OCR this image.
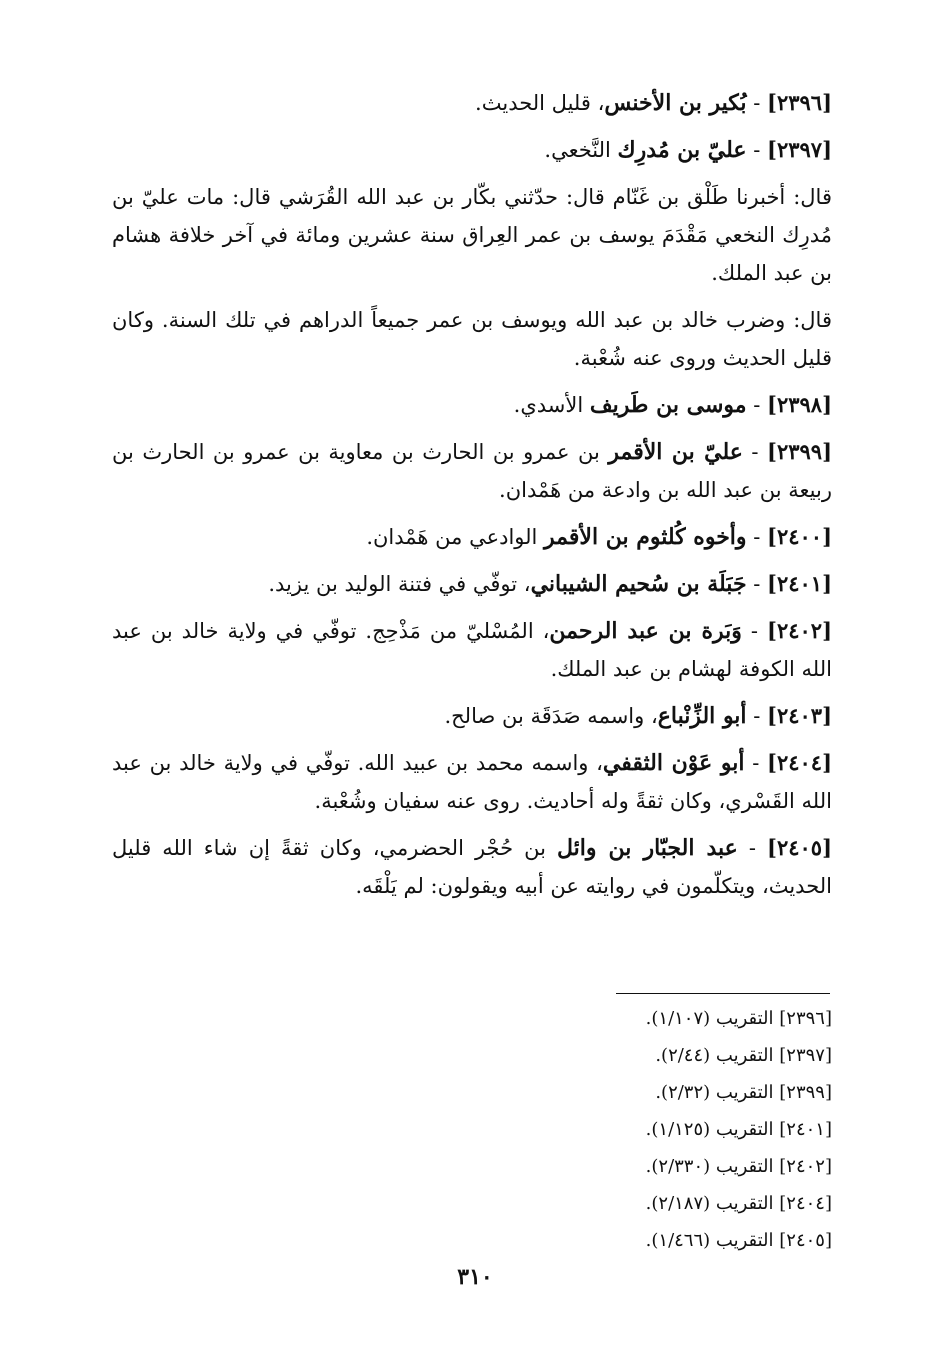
[٢٣٩٦] - بُكير بن الأخنس، قليل الحديث.

[٢٣٩٧] - عليّ بن مُدرِك النَّخعي.

قال: أخبرنا طَلْق بن غَنّام قال: حدّثني بكّار بن عبد الله القُرَشي قال: مات عليّ بن مُدرِك النخعي مَقْدَمَ يوسف بن عمر العِراق سنة عشرين ومائة في آخر خلافة هشام بن عبد الملك.

قال: وضرب خالد بن عبد الله ويوسف بن عمر جميعاً الدراهم في تلك السنة. وكان قليل الحديث وروى عنه شُعْبة.

[٢٣٩٨] - موسى بن طَريف الأسدي.

[٢٣٩٩] - عليّ بن الأقمر بن عمرو بن الحارث بن معاوية بن عمرو بن الحارث بن ربيعة بن عبد الله بن وادعة من هَمْدان.

[٢٤٠٠] - وأخوه كُلثوم بن الأقمر الوادعي من هَمْدان.

[٢٤٠١] - جَبَلَة بن سُحيم الشيباني، توفّي في فتنة الوليد بن يزيد.

[٢٤٠٢] - وَبَرة بن عبد الرحمن، المُسْليّ من مَذْحِج. توفّي في ولاية خالد بن عبد الله الكوفة لهشام بن عبد الملك.

[٢٤٠٣] - أبو الزِّنْباع، واسمه صَدَقَة بن صالح.

[٢٤٠٤] - أبو عَوْن الثقفي، واسمه محمد بن عبيد الله. توفّي في ولاية خالد بن عبد الله القَسْري، وكان ثقةً وله أحاديث. روى عنه سفيان وشُعْبة.

[٢٤٠٥] - عبد الجبّار بن وائل بن حُجْر الحضرمي، وكان ثقةً إن شاء الله قليل الحديث، ويتكلّمون في روايته عن أبيه ويقولون: لم يَلْقَه.

[٢٣٩٦] التقريب (١/١٠٧).
[٢٣٩٧] التقريب (٢/٤٤).
[٢٣٩٩] التقريب (٢/٣٢).
[٢٤٠١] التقريب (١/١٢٥).
[٢٤٠٢] التقريب (٢/٣٣٠).
[٢٤٠٤] التقريب (٢/١٨٧).
[٢٤٠٥] التقريب (١/٤٦٦).
٣١٠
